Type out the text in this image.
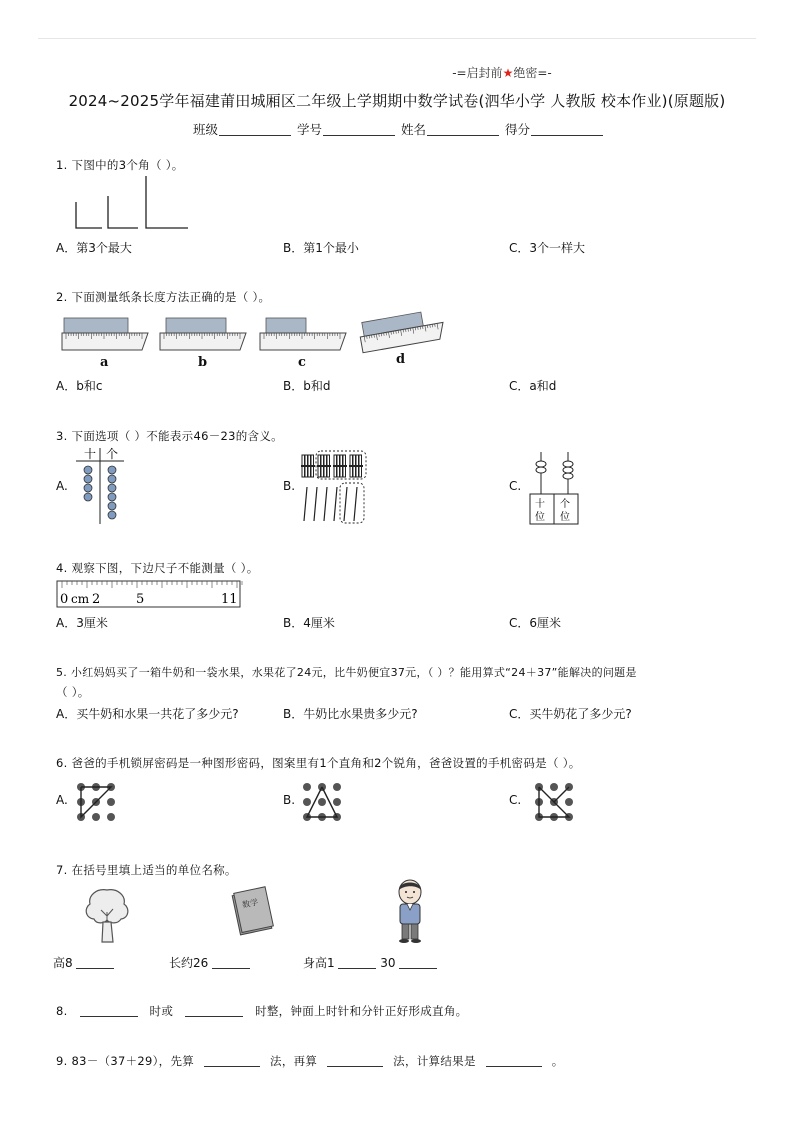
-=启封前★绝密=-
2024~2025学年福建莆田城厢区二年级上学期期中数学试卷(泗华小学 人教版 校本作业)(原题版)
班级	学号	姓名	得分
1. 下图中的3个角（ ）。
A．第3个最大	B．第1个最小	C．3个一样大
2. 下面测量纸条长度方法正确的是（ ）。
a	b	c	d
A．b和c	B．b和d	C．a和d
3. 下面选项（ ）不能表示46－23的含义。
A.
十 个
B.	C.
十
位
个
位
4. 观察下图，下边尺子不能测量（ ）。
0 cm 2	5	11
A．3厘米	B．4厘米	C．6厘米
5. 小红妈妈买了一箱牛奶和一袋水果，水果花了24元，比牛奶便宜37元，（ ）？能用算式“24＋37”能解决的问题是
（ ）。
A．买牛奶和水果一共花了多少元?	B．牛奶比水果贵多少元?	C．买牛奶花了多少元?
6. 爸爸的手机锁屏密码是一种图形密码，图案里有1个直角和2个锐角，爸爸设置的手机密码是（ ）。
A.	B.	C.
7. 在括号里填上适当的单位名称。
数学
高8	长约26	身高1	30
8.	时或	时整，钟面上时针和分针正好形成直角。
9. 83－（37＋29），先算	法，再算	法，计算结果是	。
